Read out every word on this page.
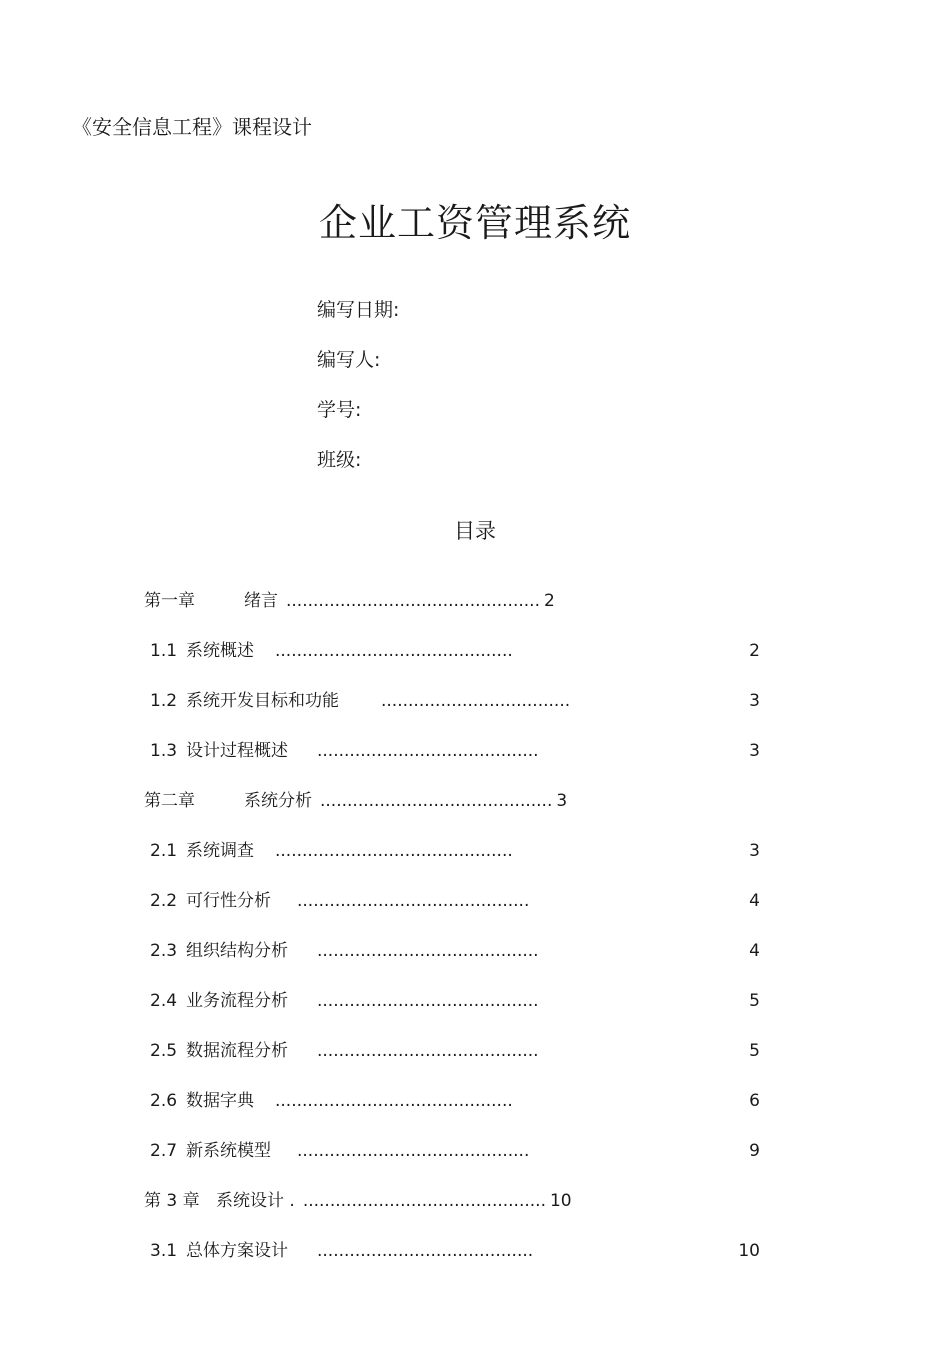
《安全信息工程》课程设计
企业工资管理系统
编写日期:
编写人:
学号:
班级:
目录
第一章	绪言 ............................................... 2
1.1 系统概述 ............................................	2
1.2 系统开发目标和功能 ...................................	3
1.3 设计过程概述 .........................................	3
第二章	系统分析 ........................................... 3
2.1 系统调查 ............................................	3
2.2 可行性分析 ...........................................	4
2.3 组织结构分析 .........................................	4
2.4 业务流程分析 .........................................	5
2.5 数据流程分析 .........................................	5
2.6 数据字典 ............................................	6
2.7 新系统模型 ...........................................	9
第 3 章 系统设计 . ............................................. 10
3.1 总体方案设计 ........................................	10
